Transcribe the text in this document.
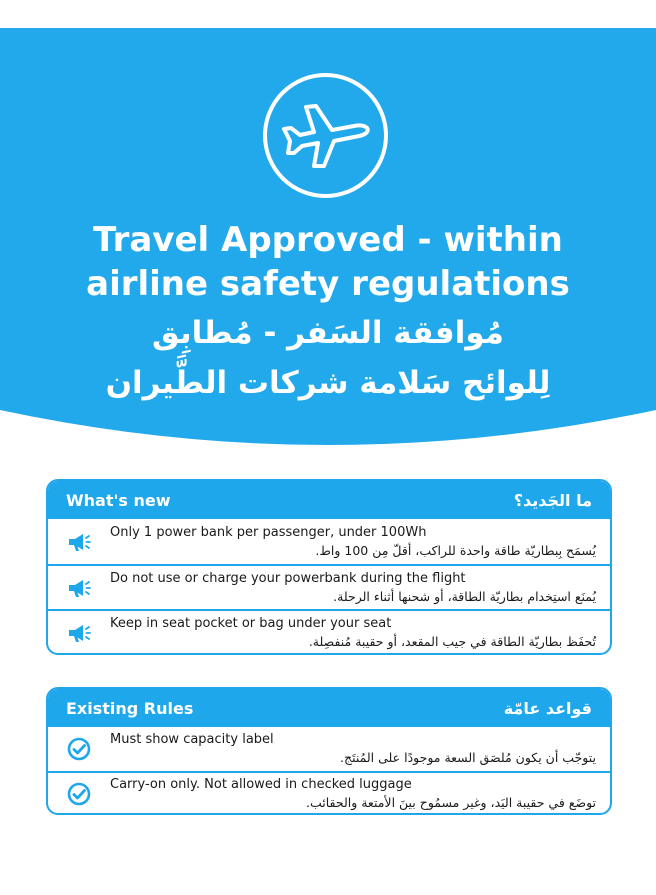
Travel Approved - within

airline safety regulations

مُوافقة السَفر - مُطابِق

لِلوائح سَلامة شركات الطَّيران

What's new	ما الجَديد؟
Only 1 power bank per passenger, under 100Wh
يُسمَح بِبطاريّة طاقة واحدة للراكب، أقلّ مِن 100 واط.
Do not use or charge your powerbank during the flight
يُمنَع استِخدام بطاريّة الطاقة، أو شحنها أثناء الرحلة.
Keep in seat pocket or bag under your seat
تُحفَظ بطاريّة الطاقة في جيب المقعد، أو حقيبة مُنفصِلة.
Existing Rules	قواعد عامّة
Must show capacity label
يتوجّب أن يكون مُلصَق السعة موجودًا على المُنتَج.
Carry-on only. Not allowed in checked luggage
توضَع في حقيبة اليَد، وغير مسمُوح بينَ الأمتعة والحقائب.
